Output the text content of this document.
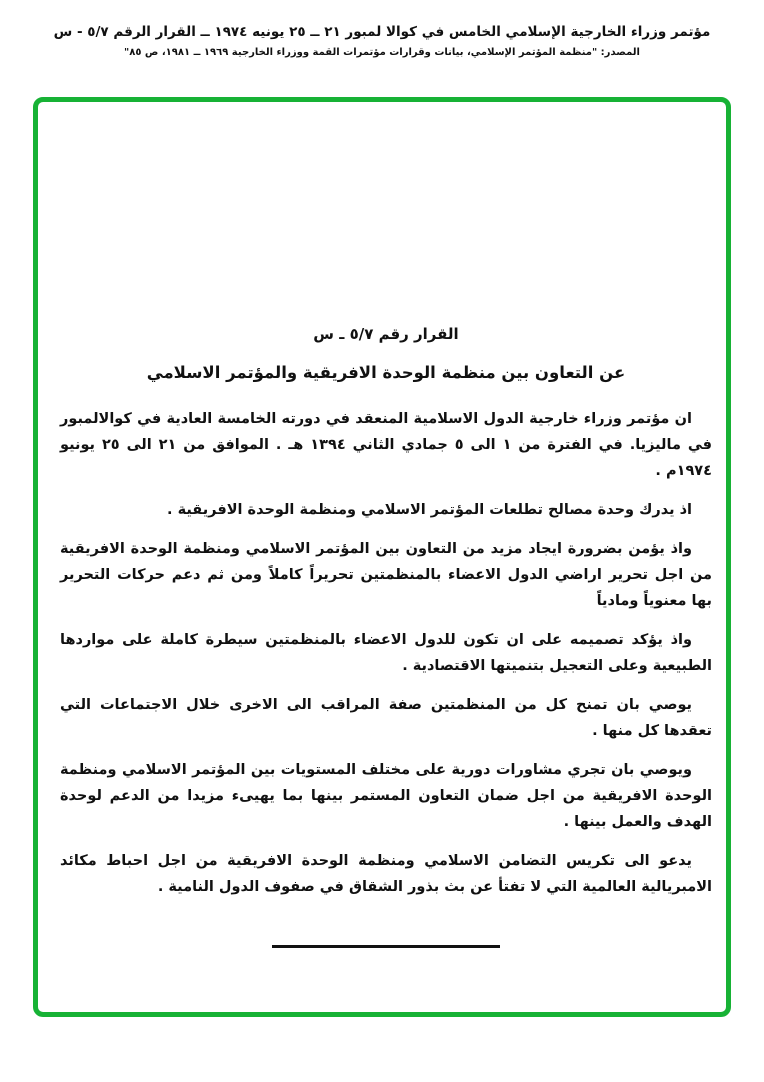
مؤتمر وزراء الخارجية الإسلامي الخامس في كوالا لمبور ٢١ ــ ٢٥ يونيه ١٩٧٤ ــ القرار الرقم ٥/٧ - س
المصدر: "منظمة المؤتمر الإسلامي، بيانات وقرارات مؤتمرات القمة ووزراء الخارجية ١٩٦٩ ــ ١٩٨١، ص ٨٥"
القرار رقم ٥/٧ ـ س
عن التعاون بين منظمة الوحدة الافريقية والمؤتمر الاسلامي

ان مؤتمر وزراء خارجية الدول الاسلامية المنعقد في دورته الخامسة العادية في كوالالمبور في ماليزيا. في الفترة من ١ الى ٥ جمادي الثاني ١٣٩٤ هـ . الموافق من ٢١ الى ٢٥ يونيو ١٩٧٤م .

اذ يدرك وحدة مصالح تطلعات المؤتمر الاسلامي ومنظمة الوحدة الافريقية .

واذ يؤمن بضرورة ايجاد مزيد من التعاون بين المؤتمر الاسلامي ومنظمة الوحدة الافريقية من اجل تحرير اراضي الدول الاعضاء بالمنظمتين تحريراً كاملاً ومن ثم دعم حركات التحرير بها معنوياً ومادياً

واذ يؤكد تصميمه على ان تكون للدول الاعضاء بالمنظمتين سيطرة كاملة على مواردها الطبيعية وعلى التعجيل بتنميتها الاقتصادية .

يوصي بان تمنح كل من المنظمتين صفة المراقب الى الاخرى خلال الاجتماعات التي تعقدها كل منها .

ويوصي بان تجري مشاورات دورية على مختلف المستويات بين المؤتمر الاسلامي ومنظمة الوحدة الافريقية من اجل ضمان التعاون المستمر بينها بما يهيىء مزيدا من الدعم لوحدة الهدف والعمل بينها .

يدعو الى تكريس التضامن الاسلامي ومنظمة الوحدة الافريقية من اجل احباط مكائد الامبريالية العالمية التي لا تفتأ عن بث بذور الشقاق في صفوف الدول النامية .
